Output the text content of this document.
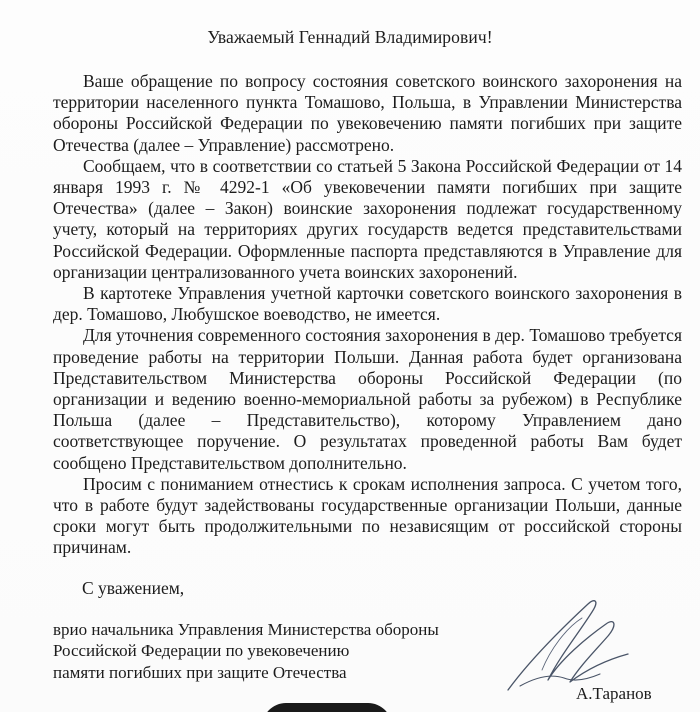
Уважаемый Геннадий Владимирович!

Ваше обращение по вопросу состояния советского воинского захоронения на территории населенного пункта Томашово, Польша, в Управлении Министерства обороны Российской Федерации по увековечению памяти погибших при защите Отечества (далее – Управление) рассмотрено.

Сообщаем, что в соответствии со статьей 5 Закона Российской Федерации от 14 января 1993 г. № 4292-1 «Об увековечении памяти погибших при защите Отечества» (далее – Закон) воинские захоронения подлежат государственному учету, который на территориях других государств ведется представительствами Российской Федерации. Оформленные паспорта представляются в Управление для организации централизованного учета воинских захоронений.

В картотеке Управления учетной карточки советского воинского захоронения в дер. Томашово, Любушское воеводство, не имеется.

Для уточнения современного состояния захоронения в дер. Томашово требуется проведение работы на территории Польши. Данная работа будет организована Представительством Министерства обороны Российской Федерации (по организации и ведению военно-мемориальной работы за рубежом) в Республике Польша (далее – Представительство), которому Управлением дано соответствующее поручение. О результатах проведенной работы Вам будет сообщено Представительством дополнительно.

Просим с пониманием отнестись к срокам исполнения запроса. С учетом того, что в работе будут задействованы государственные организации Польши, данные сроки могут быть продолжительными по независящим от российской стороны причинам.

С уважением,
врио начальника Управления Министерства обороны
Российской Федерации по увековечению
памяти погибших при защите Отечества
А.Таранов
